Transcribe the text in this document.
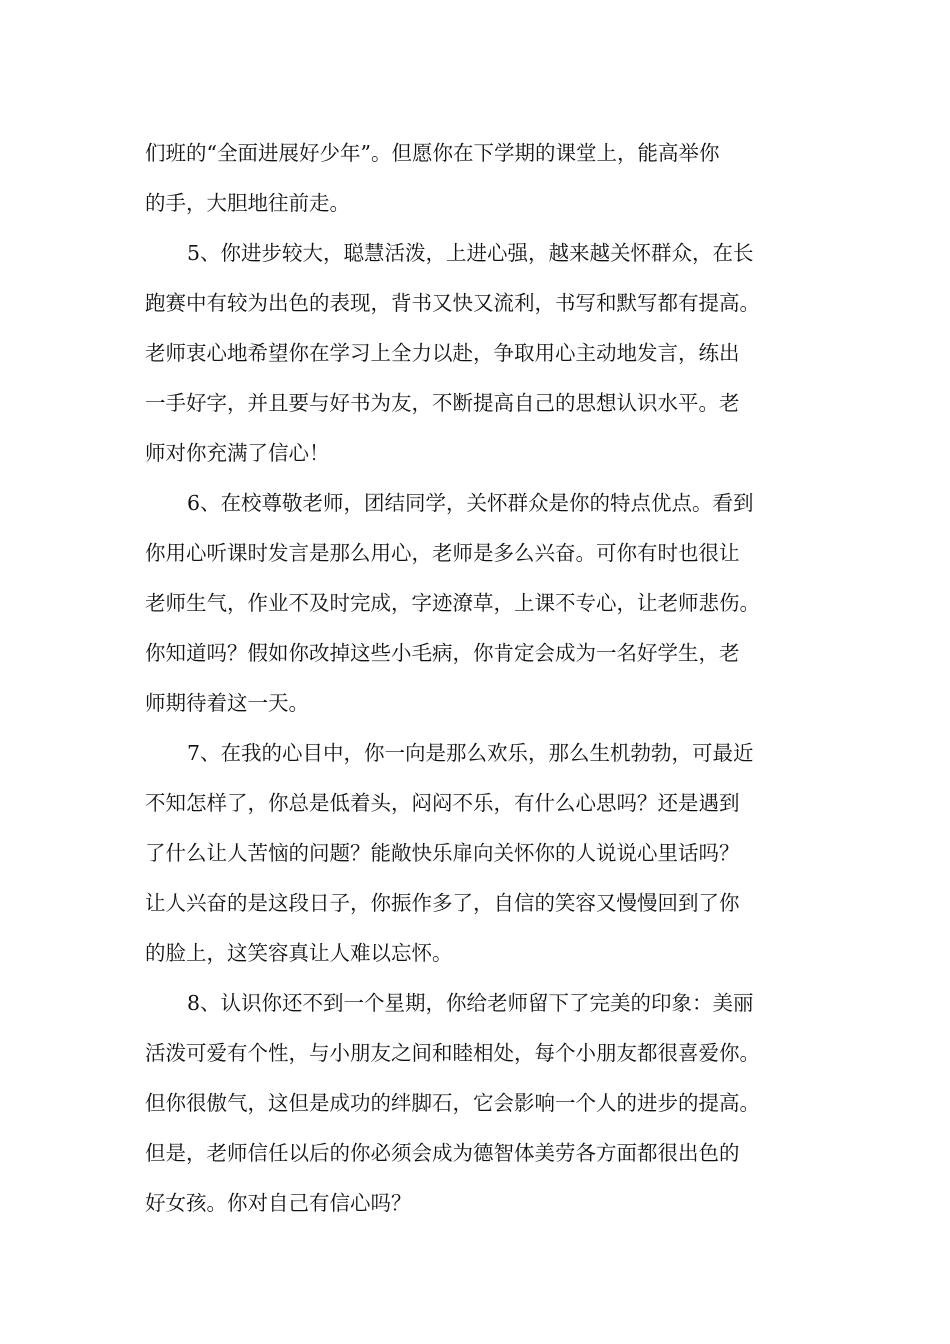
们班的“全面进展好少年”。但愿你在下学期的课堂上，能高举你
的手，大胆地往前走。

5、你进步较大，聪慧活泼，上进心强，越来越关怀群众，在长
跑赛中有较为出色的表现，背书又快又流利，书写和默写都有提高。
老师衷心地希望你在学习上全力以赴，争取用心主动地发言，练出
一手好字，并且要与好书为友，不断提高自己的思想认识水平。老
师对你充满了信心！

6、在校尊敬老师，团结同学，关怀群众是你的特点优点。看到
你用心听课时发言是那么用心，老师是多么兴奋。可你有时也很让
老师生气，作业不及时完成，字迹潦草，上课不专心，让老师悲伤。
你知道吗？假如你改掉这些小毛病，你肯定会成为一名好学生，老
师期待着这一天。

7、在我的心目中，你一向是那么欢乐，那么生机勃勃，可最近
不知怎样了，你总是低着头，闷闷不乐，有什么心思吗？还是遇到
了什么让人苦恼的问题？能敞快乐扉向关怀你的人说说心里话吗？
让人兴奋的是这段日子，你振作多了，自信的笑容又慢慢回到了你
的脸上，这笑容真让人难以忘怀。

8、认识你还不到一个星期，你给老师留下了完美的印象：美丽
活泼可爱有个性，与小朋友之间和睦相处，每个小朋友都很喜爱你。
但你很傲气，这但是成功的绊脚石，它会影响一个人的进步的提高。
但是，老师信任以后的你必须会成为德智体美劳各方面都很出色的
好女孩。你对自己有信心吗？
